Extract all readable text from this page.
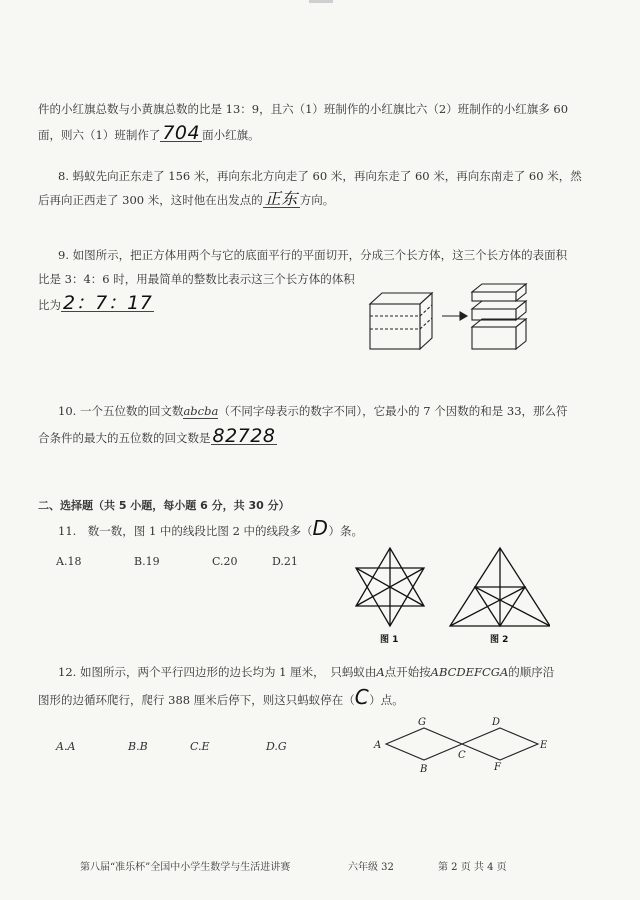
件的小红旗总数与小黄旗总数的比是 13：9，且六（1）班制作的小红旗比六（2）班制作的小红旗多 60
面，则六（1）班制作了 704 面小红旗。
8. 蚂蚁先向正东走了 156 米，再向东北方向走了 60 米，再向东走了 60 米，再向东南走了 60 米，然
后再向正西走了 300 米，这时他在出发点的 正东 方向。
9. 如图所示，把正方体用两个与它的底面平行的平面切开，分成三个长方体，这三个长方体的表面积
比是 3：4：6 时，用最简单的整数比表示这三个长方体的体积
比为 2：7：17
10. 一个五位数的回文数abcba（不同字母表示的数字不同），它最小的 7 个因数的和是 33，那么符
合条件的最大的五位数的回文数是 82728
二、选择题（共 5 小题，每小题 6 分，共 30 分）
11.　数一数，图 1 中的线段比图 2 中的线段多（D）条。
A.18	B.19	C.20	D.21
图 1	图 2
12. 如图所示，两个平行四边形的边长均为 1 厘米，　只蚂蚁由A点开始按ABCDEFCGA的顺序沿
图形的边循环爬行，爬行 388 厘米后停下，则这只蚂蚁停在（C）点。
A.A	B.B	C.E	D.G	A
B
C
D
E
F
G
第八届“准乐杯”全国中小学生数学与生活进讲赛	六年级 32	第 2 页 共 4 页
